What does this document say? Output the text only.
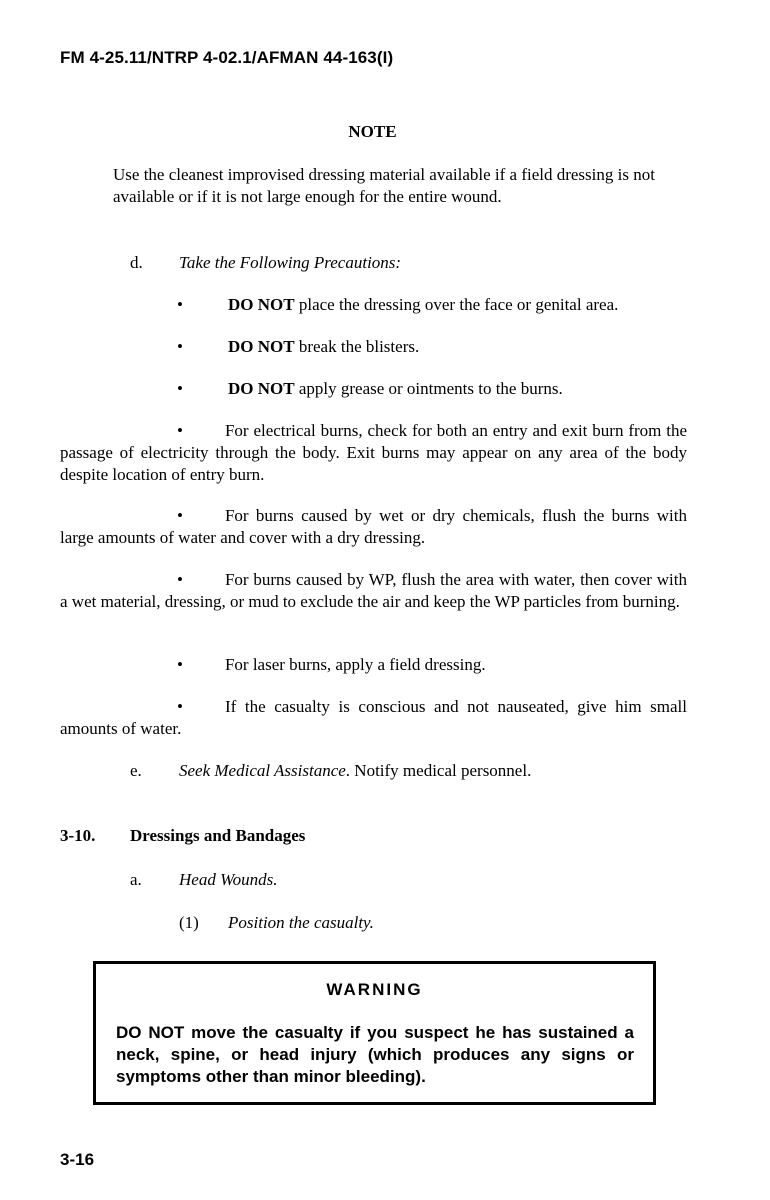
FM 4-25.11/NTRP 4-02.1/AFMAN 44-163(I)
NOTE
Use the cleanest improvised dressing material available if a field dressing is not available or if it is not large enough for the entire wound.
d. Take the Following Precautions:
•	DO NOT place the dressing over the face or genital area.
•	DO NOT break the blisters.
•	DO NOT apply grease or ointments to the burns.
• For electrical burns, check for both an entry and exit burn from the passage of electricity through the body. Exit burns may appear on any area of the body despite location of entry burn.
• For burns caused by wet or dry chemicals, flush the burns with large amounts of water and cover with a dry dressing.
• For burns caused by WP, flush the area with water, then cover with a wet material, dressing, or mud to exclude the air and keep the WP particles from burning.
• For laser burns, apply a field dressing.
• If the casualty is conscious and not nauseated, give him small amounts of water.
e. Seek Medical Assistance. Notify medical personnel.
3-10. Dressings and Bandages
a. Head Wounds.
(1) Position the casualty.
WARNING
DO NOT move the casualty if you suspect he has sustained a neck, spine, or head injury (which produces any signs or symptoms other than minor bleeding).
3-16
